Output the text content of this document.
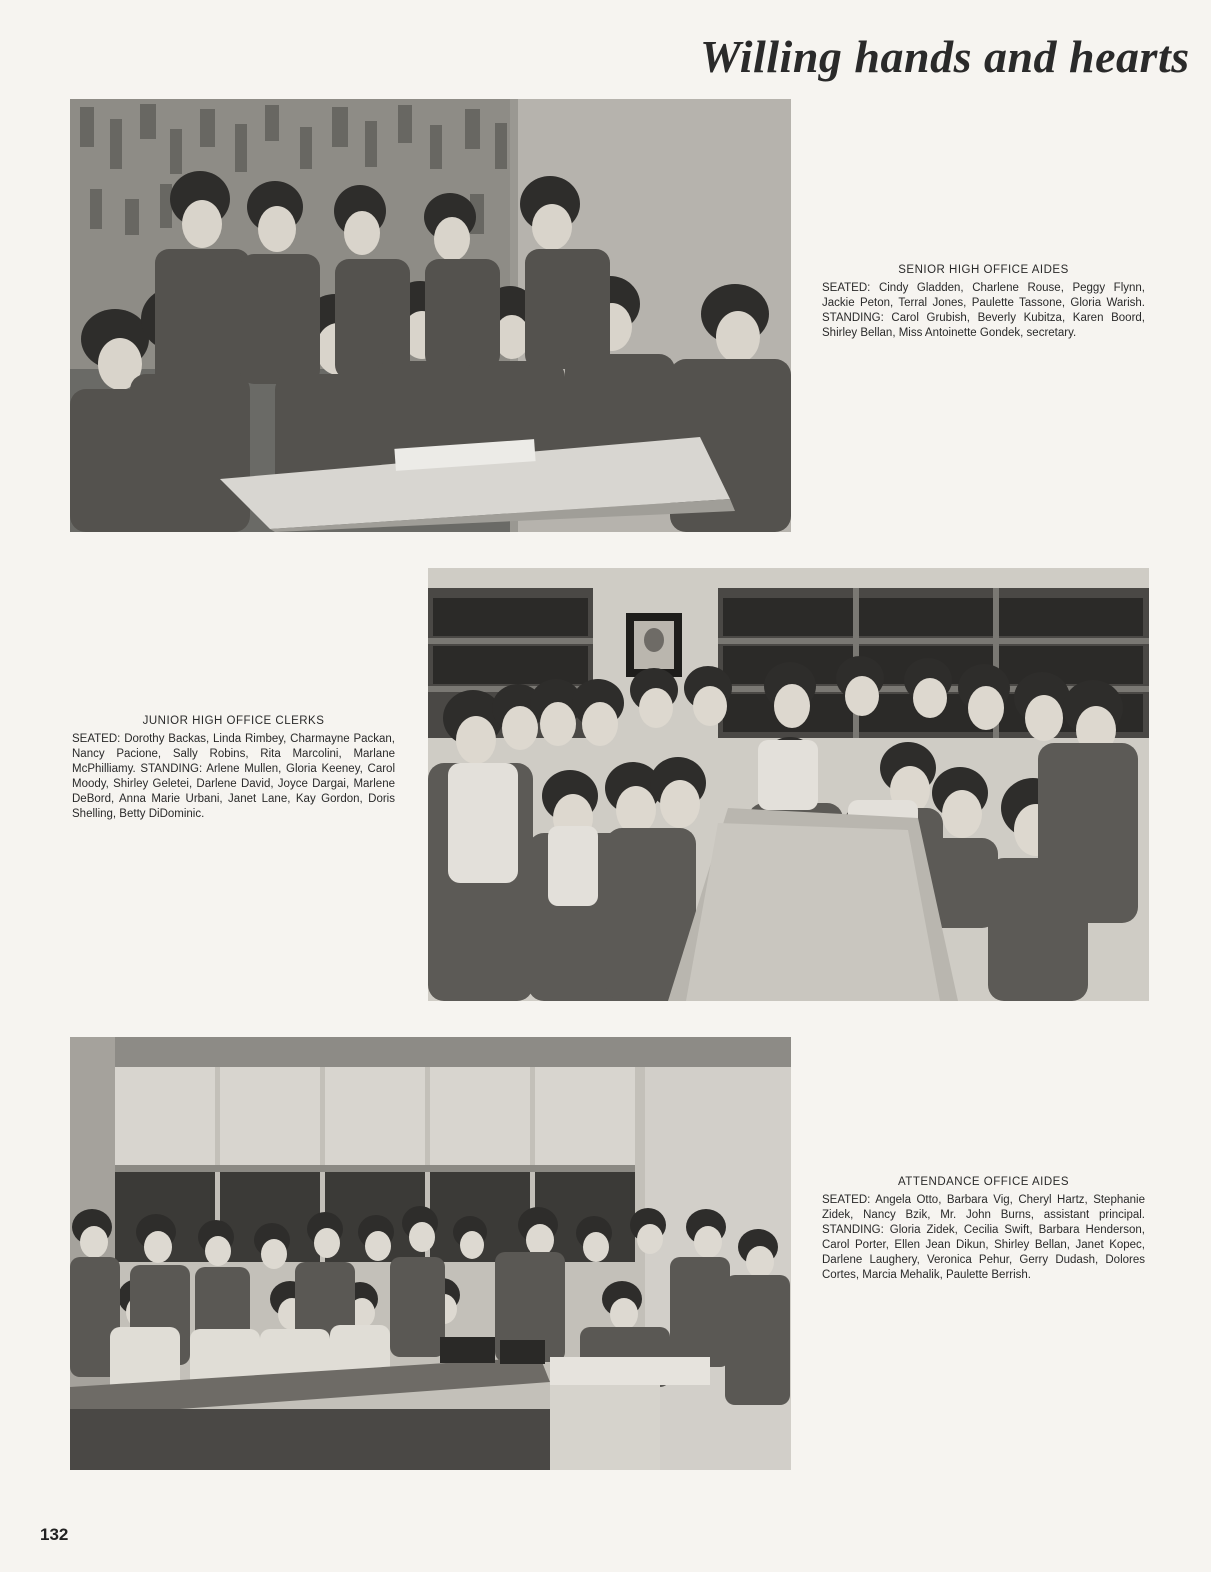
Willing hands and hearts
SENIOR HIGH OFFICE AIDES
SEATED: Cindy Gladden, Charlene Rouse, Peggy Flynn, Jackie Peton, Terral Jones, Paulette Tassone, Gloria Warish. STANDING: Carol Grubish, Beverly Kubitza, Karen Boord, Shirley Bellan, Miss Antoinette Gondek, secretary.
JUNIOR HIGH OFFICE CLERKS
SEATED: Dorothy Backas, Linda Rimbey, Charmayne Packan, Nancy Pacione, Sally Robins, Rita Marcolini, Marlane McPhilliamy. STANDING: Arlene Mullen, Gloria Keeney, Carol Moody, Shirley Geletei, Darlene David, Joyce Dargai, Marlene DeBord, Anna Marie Urbani, Janet Lane, Kay Gordon, Doris Shelling, Betty DiDominic.
ATTENDANCE OFFICE AIDES
SEATED: Angela Otto, Barbara Vig, Cheryl Hartz, Stephanie Zidek, Nancy Bzik, Mr. John Burns, assistant principal. STANDING: Gloria Zidek, Cecilia Swift, Barbara Henderson, Carol Porter, Ellen Jean Dikun, Shirley Bellan, Janet Kopec, Darlene Laughery, Veronica Pehur, Gerry Dudash, Dolores Cortes, Marcia Mehalik, Paulette Berrish.
132
